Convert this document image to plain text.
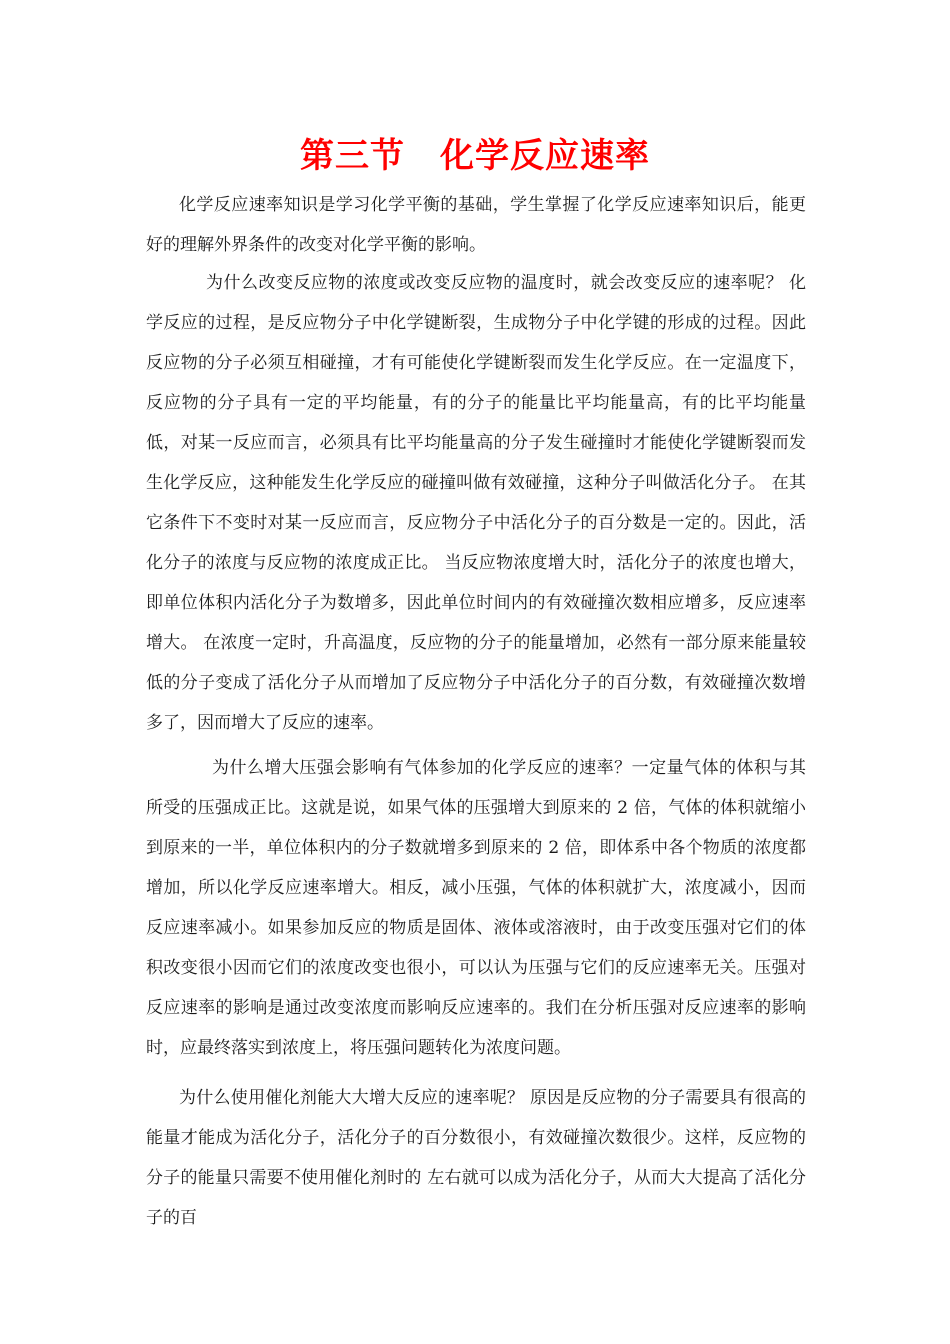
第三节　化学反应速率

化学反应速率知识是学习化学平衡的基础，学生掌握了化学反应速率知识后，能更好的理解外界条件的改变对化学平衡的影响。

为什么改变反应物的浓度或改变反应物的温度时，就会改变反应的速率呢？ 化学反应的过程，是反应物分子中化学键断裂，生成物分子中化学键的形成的过程。因此反应物的分子必须互相碰撞，才有可能使化学键断裂而发生化学反应。在一定温度下，反应物的分子具有一定的平均能量，有的分子的能量比平均能量高，有的比平均能量低，对某一反应而言，必须具有比平均能量高的分子发生碰撞时才能使化学键断裂而发生化学反应，这种能发生化学反应的碰撞叫做有效碰撞，这种分子叫做活化分子。 在其它条件下不变时对某一反应而言，反应物分子中活化分子的百分数是一定的。因此，活化分子的浓度与反应物的浓度成正比。 当反应物浓度增大时，活化分子的浓度也增大，即单位体积内活化分子为数增多，因此单位时间内的有效碰撞次数相应增多，反应速率增大。 在浓度一定时，升高温度，反应物的分子的能量增加，必然有一部分原来能量较低的分子变成了活化分子从而增加了反应物分子中活化分子的百分数，有效碰撞次数增多了，因而增大了反应的速率。

为什么增大压强会影响有气体参加的化学反应的速率？一定量气体的体积与其所受的压强成正比。这就是说，如果气体的压强增大到原来的 2 倍，气体的体积就缩小到原来的一半，单位体积内的分子数就增多到原来的 2 倍，即体系中各个物质的浓度都增加，所以化学反应速率增大。相反，减小压强，气体的体积就扩大，浓度减小，因而反应速率减小。如果参加反应的物质是固体、液体或溶液时，由于改变压强对它们的体积改变很小因而它们的浓度改变也很小，可以认为压强与它们的反应速率无关。压强对反应速率的影响是通过改变浓度而影响反应速率的。我们在分析压强对反应速率的影响时，应最终落实到浓度上，将压强问题转化为浓度问题。

为什么使用催化剂能大大增大反应的速率呢？ 原因是反应物的分子需要具有很高的能量才能成为活化分子，活化分子的百分数很小，有效碰撞次数很少。这样，反应物的分子的能量只需要不使用催化剂时的 左右就可以成为活化分子，从而大大提高了活化分子的百
